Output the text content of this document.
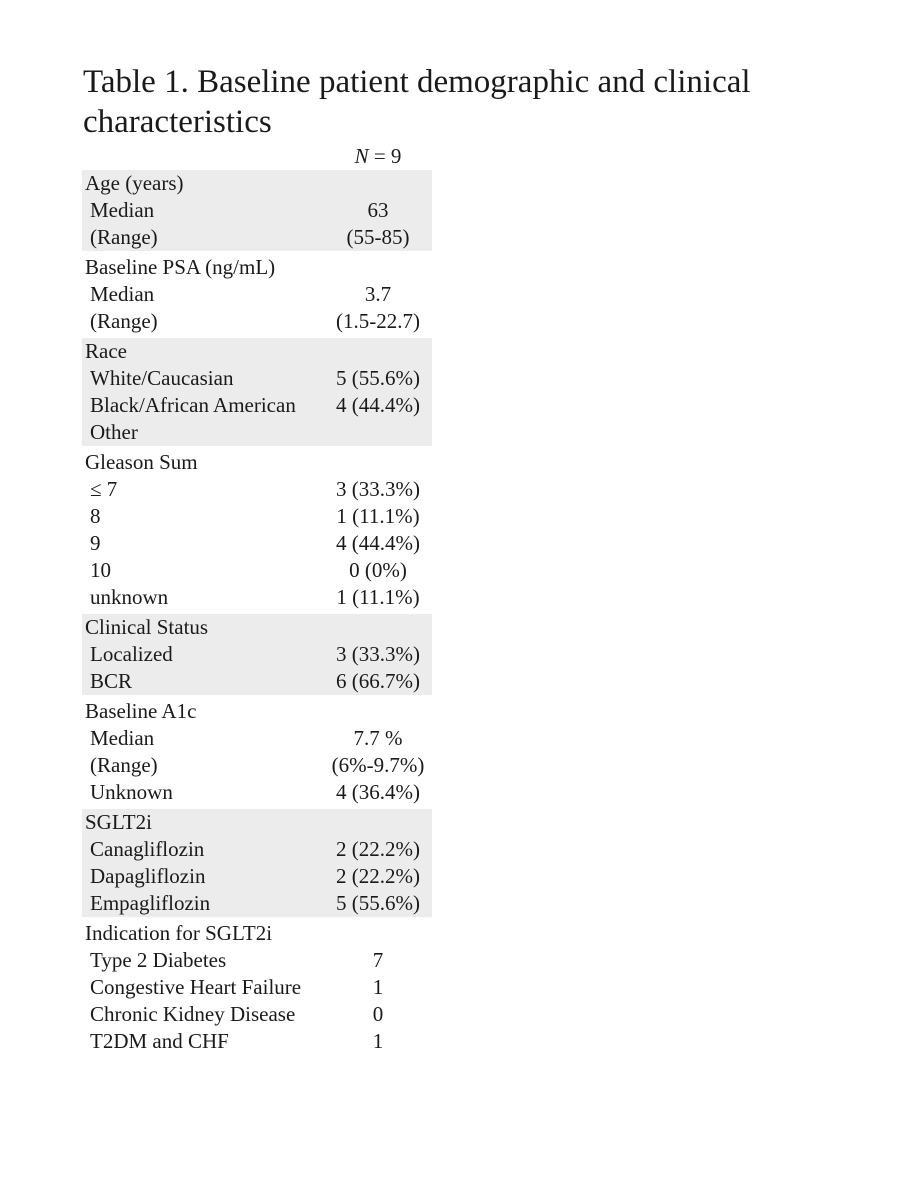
Table 1. Baseline patient demographic and clinical characteristics
N = 9
Age (years)
Median	63
(Range)	(55-85)
Baseline PSA (ng/mL)
Median	3.7
(Range)	(1.5-22.7)
Race
White/Caucasian	5 (55.6%)
Black/African American	4 (44.4%)
Other
Gleason Sum
≤ 7	3 (33.3%)
8	1 (11.1%)
9	4 (44.4%)
10	0 (0%)
unknown	1 (11.1%)
Clinical Status
Localized	3 (33.3%)
BCR	6 (66.7%)
Baseline A1c
Median	7.7 %
(Range)	(6%-9.7%)
Unknown	4 (36.4%)
SGLT2i
Canagliflozin	2 (22.2%)
Dapagliflozin	2 (22.2%)
Empagliflozin	5 (55.6%)
Indication for SGLT2i
Type 2 Diabetes	7
Congestive Heart Failure	1
Chronic Kidney Disease	0
T2DM and CHF	1
